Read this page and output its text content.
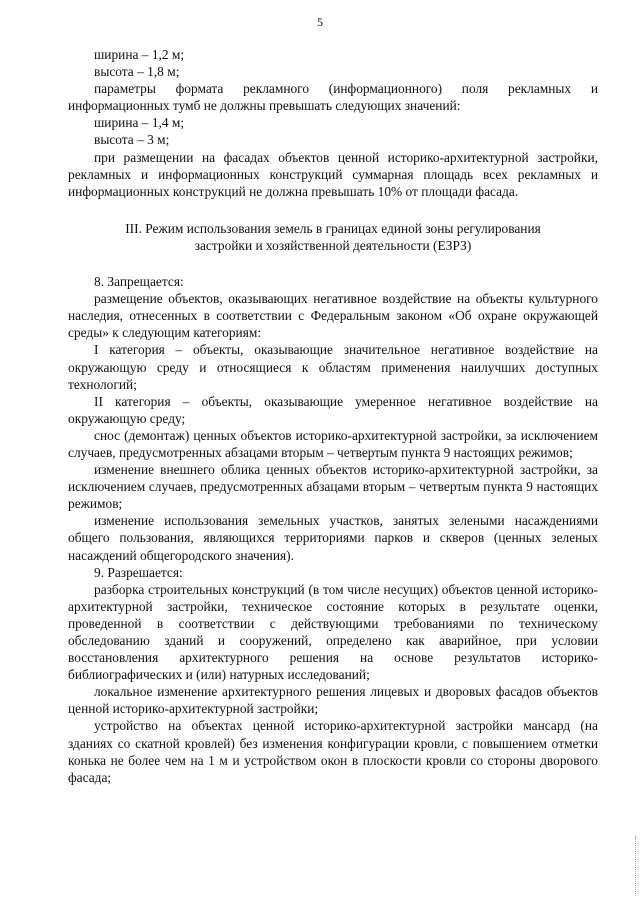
5

ширина – 1,2 м;

высота – 1,8 м;

параметры формата рекламного (информационного) поля рекламных и информационных тумб не должны превышать следующих значений:

ширина – 1,4 м;

высота – 3 м;

при размещении на фасадах объектов ценной историко-архитектурной застройки, рекламных и информационных конструкций суммарная площадь всех рекламных и информационных конструкций не должна превышать 10% от площади фасада.

III. Режим использования земель в границах единой зоны регулирования
застройки и хозяйственной деятельности (ЕЗРЗ)

8. Запрещается:

размещение объектов, оказывающих негативное воздействие на объекты культурного наследия, отнесенных в соответствии с Федеральным законом «Об охране окружающей среды» к следующим категориям:

I категория – объекты, оказывающие значительное негативное воздействие на окружающую среду и относящиеся к областям применения наилучших доступных технологий;

II категория – объекты, оказывающие умеренное негативное воздействие на окружающую среду;

снос (демонтаж) ценных объектов историко-архитектурной застройки, за исключением случаев, предусмотренных абзацами вторым – четвертым пункта 9 настоящих режимов;

изменение внешнего облика ценных объектов историко-архитектурной застройки, за исключением случаев, предусмотренных абзацами вторым – четвертым пункта 9 настоящих режимов;

изменение использования земельных участков, занятых зелеными насаждениями общего пользования, являющихся территориями парков и скверов (ценных зеленых насаждений общегородского значения).

9. Разрешается:

разборка строительных конструкций (в том числе несущих) объектов ценной историко-архитектурной застройки, техническое состояние которых в результате оценки, проведенной в соответствии с действующими требованиями по техническому обследованию зданий и сооружений, определено как аварийное, при условии восстановления архитектурного решения на основе результатов историко-библиографических и (или) натурных исследований;

локальное изменение архитектурного решения лицевых и дворовых фасадов объектов ценной историко-архитектурной застройки;

устройство на объектах ценной историко-архитектурной застройки мансард (на зданиях со скатной кровлей) без изменения конфигурации кровли, с повышением отметки конька не более чем на 1 м и устройством окон в плоскости кровли со стороны дворового фасада;
